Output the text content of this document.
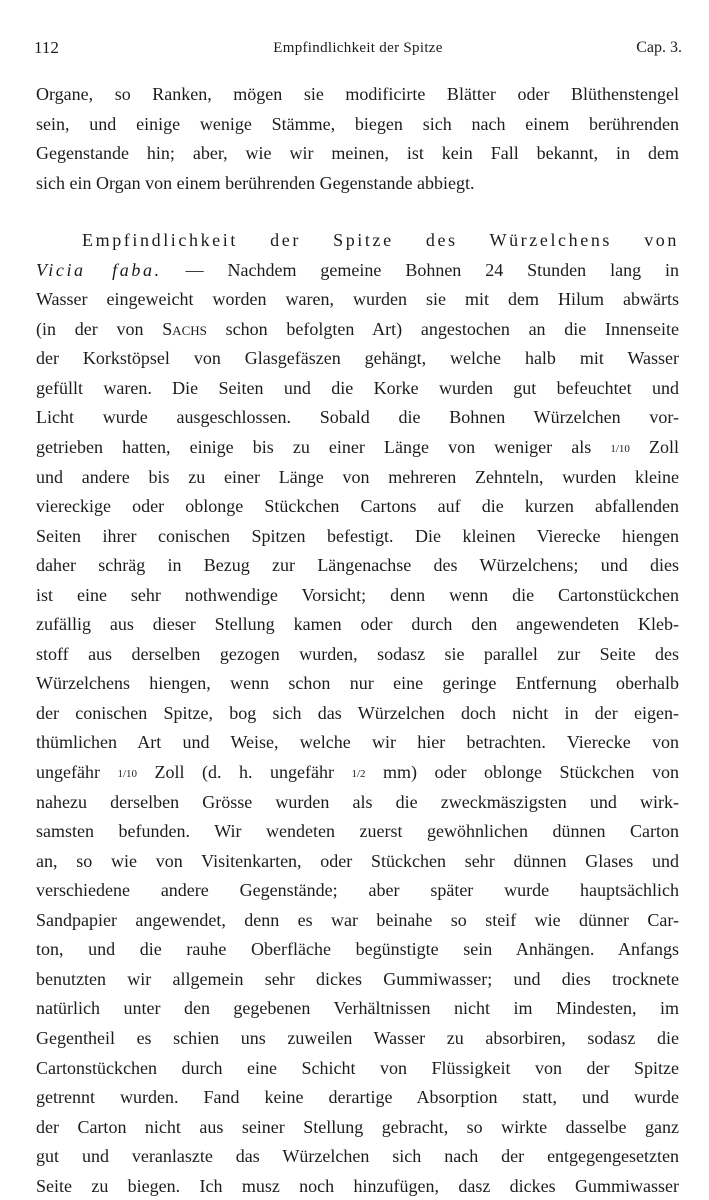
112	Empfindlichkeit der Spitze	Cap. 3.
Organe, so Ranken, mögen sie modificirte Blätter oder Blüthenstengel
sein, und einige wenige Stämme, biegen sich nach einem berührenden
Gegenstande hin; aber, wie wir meinen, ist kein Fall bekannt, in dem
sich ein Organ von einem berührenden Gegenstande abbiegt.
Empfindlichkeit der Spitze des Würzelchens von
Vicia faba. — Nachdem gemeine Bohnen 24 Stunden lang in
Wasser eingeweicht worden waren, wurden sie mit dem Hilum abwärts
(in der von Sachs schon befolgten Art) angestochen an die Innenseite
der Korkstöpsel von Glasgefäszen gehängt, welche halb mit Wasser
gefüllt waren. Die Seiten und die Korke wurden gut befeuchtet und
Licht wurde ausgeschlossen. Sobald die Bohnen Würzelchen vor-
getrieben hatten, einige bis zu einer Länge von weniger als 1/10 Zoll
und andere bis zu einer Länge von mehreren Zehnteln, wurden kleine
viereckige oder oblonge Stückchen Cartons auf die kurzen abfallenden
Seiten ihrer conischen Spitzen befestigt. Die kleinen Vierecke hiengen
daher schräg in Bezug zur Längenachse des Würzelchens; und dies
ist eine sehr nothwendige Vorsicht; denn wenn die Cartonstückchen
zufällig aus dieser Stellung kamen oder durch den angewendeten Kleb-
stoff aus derselben gezogen wurden, sodasz sie parallel zur Seite des
Würzelchens hiengen, wenn schon nur eine geringe Entfernung oberhalb
der conischen Spitze, bog sich das Würzelchen doch nicht in der eigen-
thümlichen Art und Weise, welche wir hier betrachten. Vierecke von
ungefähr 1/10 Zoll (d. h. ungefähr 1/2 mm) oder oblonge Stückchen von
nahezu derselben Grösse wurden als die zweckmäszigsten und wirk-
samsten befunden. Wir wendeten zuerst gewöhnlichen dünnen Carton
an, so wie von Visitenkarten, oder Stückchen sehr dünnen Glases und
verschiedene andere Gegenstände; aber später wurde hauptsächlich
Sandpapier angewendet, denn es war beinahe so steif wie dünner Car-
ton, und die rauhe Oberfläche begünstigte sein Anhängen. Anfangs
benutzten wir allgemein sehr dickes Gummiwasser; und dies trocknete
natürlich unter den gegebenen Verhältnissen nicht im Mindesten, im
Gegentheil es schien uns zuweilen Wasser zu absorbiren, sodasz die
Cartonstückchen durch eine Schicht von Flüssigkeit von der Spitze
getrennt wurden. Fand keine derartige Absorption statt, und wurde
der Carton nicht aus seiner Stellung gebracht, so wirkte dasselbe ganz
gut und veranlaszte das Würzelchen sich nach der entgegengesetzten
Seite zu biegen. Ich musz noch hinzufügen, dasz dickes Gummiwasser
